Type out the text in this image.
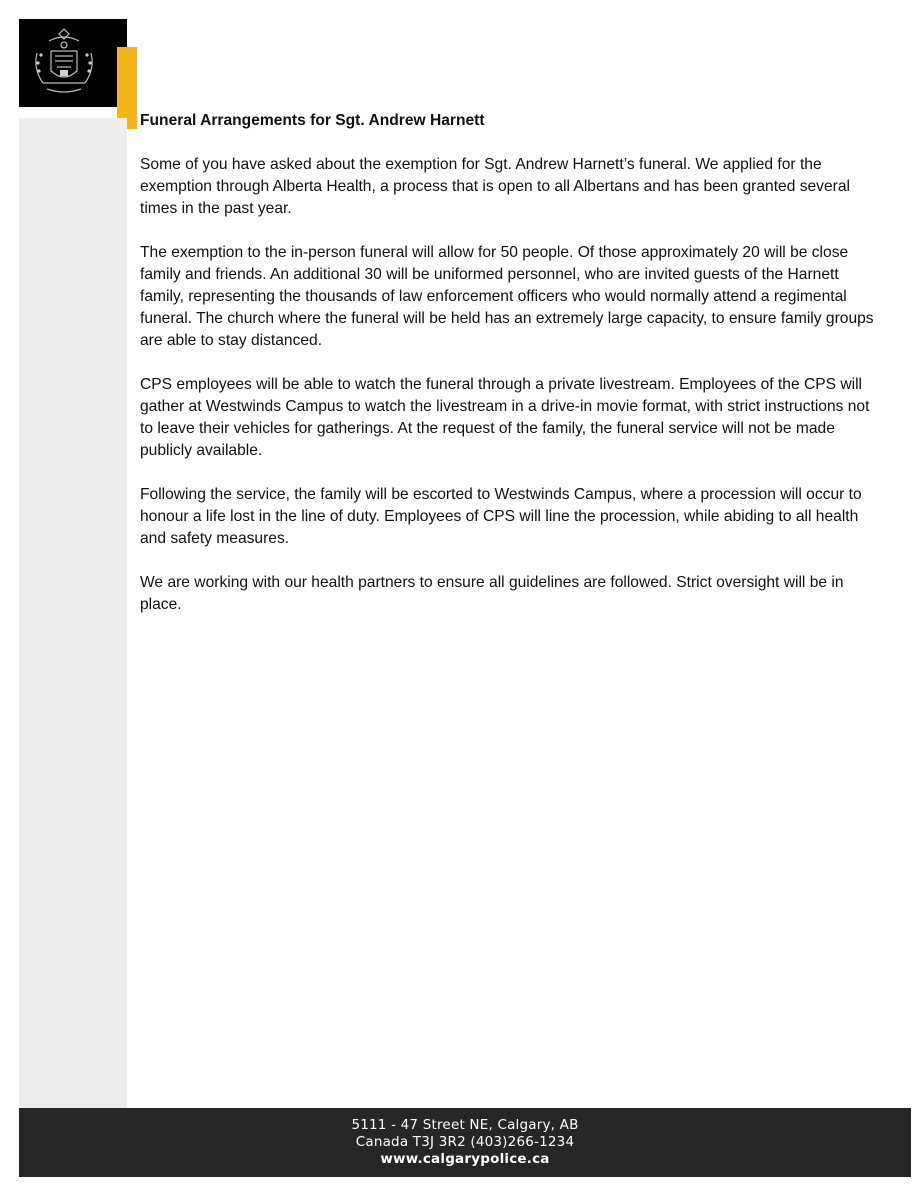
Funeral Arrangements for Sgt. Andrew Harnett

Some of you have asked about the exemption for Sgt. Andrew Harnett’s funeral. We applied for the exemption through Alberta Health, a process that is open to all Albertans and has been granted several times in the past year.

The exemption to the in-person funeral will allow for 50 people. Of those approximately 20 will be close family and friends. An additional 30 will be uniformed personnel, who are invited guests of the Harnett family, representing the thousands of law enforcement officers who would normally attend a regimental funeral. The church where the funeral will be held has an extremely large capacity, to ensure family groups are able to stay distanced.

CPS employees will be able to watch the funeral through a private livestream. Employees of the CPS will gather at Westwinds Campus to watch the livestream in a drive-in movie format, with strict instructions not to leave their vehicles for gatherings. At the request of the family, the funeral service will not be made publicly available.

Following the service, the family will be escorted to Westwinds Campus, where a procession will occur to honour a life lost in the line of duty. Employees of CPS will line the procession, while abiding to all health and safety measures.

We are working with our health partners to ensure all guidelines are followed. Strict oversight will be in place.

5111 - 47 Street NE, Calgary, AB
Canada T3J 3R2 (403)266-1234
www.calgarypolice.ca
